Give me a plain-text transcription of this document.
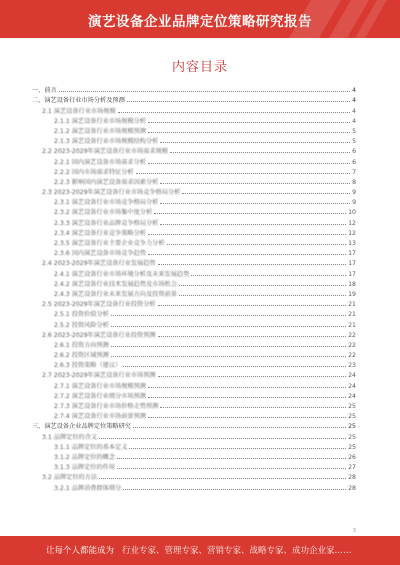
演艺设备企业品牌定位策略研究报告
内容目录
一、前言	4
二、演艺设备行业市场分析及预测	4
2.1 演艺设备行业市场规模	4
2.1.1 演艺设备行业市场规模分析	4
2.1.2 演艺设备行业市场规模预测	5
2.1.3 演艺设备行业市场规模结构分析	5
2.2 2023-2029年演艺设备行业市场需求规模	6
2.2.1 国内演艺设备市场需求分析	6
2.2.2 国内市场需求特征分析	7
2.2.3 影响国内演艺设备需求因素分析	8
2.3 2023-2029年演艺设备行业市场竞争格局分析	9
2.3.1 演艺设备行业市场竞争格局分析	9
2.3.2 演艺设备行业市场集中度分析	10
2.3.3 演艺设备行业品牌竞争格局分析	12
2.3.4 演艺设备行业竞争策略分析	12
2.3.5 演艺设备行业主要企业竞争力分析	13
2.3.6 国内演艺设备市场竞争趋势	17
2.4 2023-2029年演艺设备行业发展趋势	17
2.4.1 演艺设备行业市场环境分析及未来发展趋势	17
2.4.2 演艺设备行业技术发展趋势及市场机会	18
2.4.3 演艺设备行业未来发展方向及投资前景	19
2.5 2023-2029年演艺设备行业投资分析	21
2.5.1 投资价值分析	21
2.5.2 投资风险分析	21
2.6 2023-2029年演艺设备行业投资预测	22
2.6.1 投资方向预测	22
2.6.2 投资区域预测	22
2.6.3 投资策略（建议）	23
2.7 2023-2029年演艺设备行业市场预测	24
2.7.1 演艺设备行业市场规模预测	24
2.7.2 演艺设备行业细分市场预测	24
2.7.3 演艺设备行业市场价格走势预测	25
2.7.4 演艺设备行业市场前景预测	25
三、演艺设备企业品牌定位策略研究	25
3.1 品牌定位的含义	25
3.1.1 品牌定位的基本定义	25
3.1.2 品牌定位的概念	26
3.1.3 品牌定位的作用	27
3.2 品牌定位的方法	28
3.2.1 品牌消费群体细分	28
3
让每个人都能成为 行业专家、管理专家、营销专家、战略专家、成功企业家……
